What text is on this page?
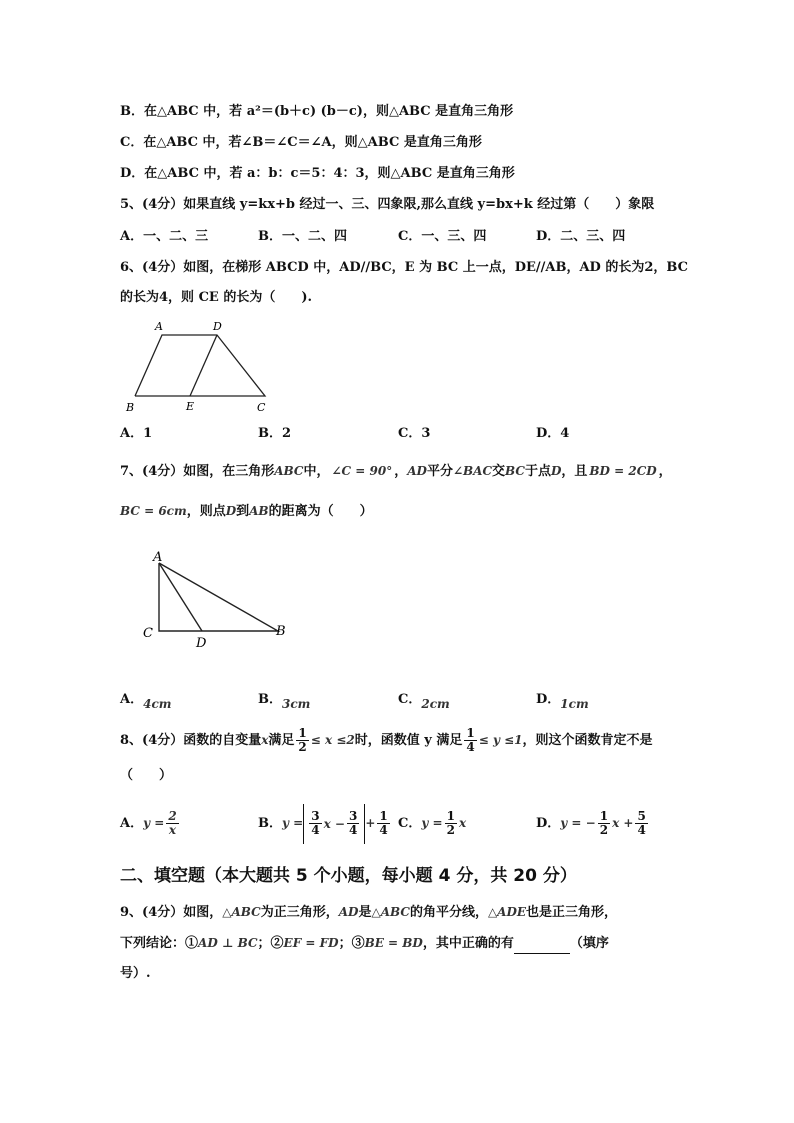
B．在△ABC 中，若 a²＝(b＋c) (b－c)，则△ABC 是直角三角形
C．在△ABC 中，若∠B＝∠C＝∠A，则△ABC 是直角三角形
D．在△ABC 中，若 a：b：c＝5：4：3，则△ABC 是直角三角形
5、(4分）如果直线 y=kx+b 经过一、三、四象限,那么直线 y=bx+k 经过第（　　）象限
A．一、二、三	B．一、二、四	C．一、三、四	D．二、三、四
6、(4分）如图，在梯形 ABCD 中，AD//BC，E 为 BC 上一点，DE//AB，AD 的长为2，BC
的长为4，则 CE 的长为（　　).
A	D
B	E	C
A．1	B．2	C．3	D．4
7、(4分）如图，在三角形ABC中， ∠C = 90° ，AD平分∠BAC交BC于点D，且 BD = 2CD ，
BC = 6cm，则点D到AB的距离为（　　）
A
C
D
B
A．4cm	B．3cm	C．2cm	D．1cm
8、(4分）函数的自变量x满足 $\frac{1}{2} \le x \le 2$时，函数值 y 满足 $\frac{1}{4} \le y \le 1$，则这个函数肯定不是
（　　）
A．$y = \frac{2}{x}$	B．$y = \frac{3}{4}$ $x - \frac{3}{4} + \frac{1}{4}$ C．$y = \frac{1}{2}$ x	D．y = − $\frac{1}{2}$ $x + \frac{5}{4}$
二、填空题（本大题共 5 个小题，每小题 4 分，共 20 分）
9、(4分）如图，△ABC为正三角形，AD是△ABC的角平分线，△ADE也是正三角形，
下列结论：①AD ⊥ BC；②EF = FD；③BE = BD，其中正确的有	（填序
号）.
